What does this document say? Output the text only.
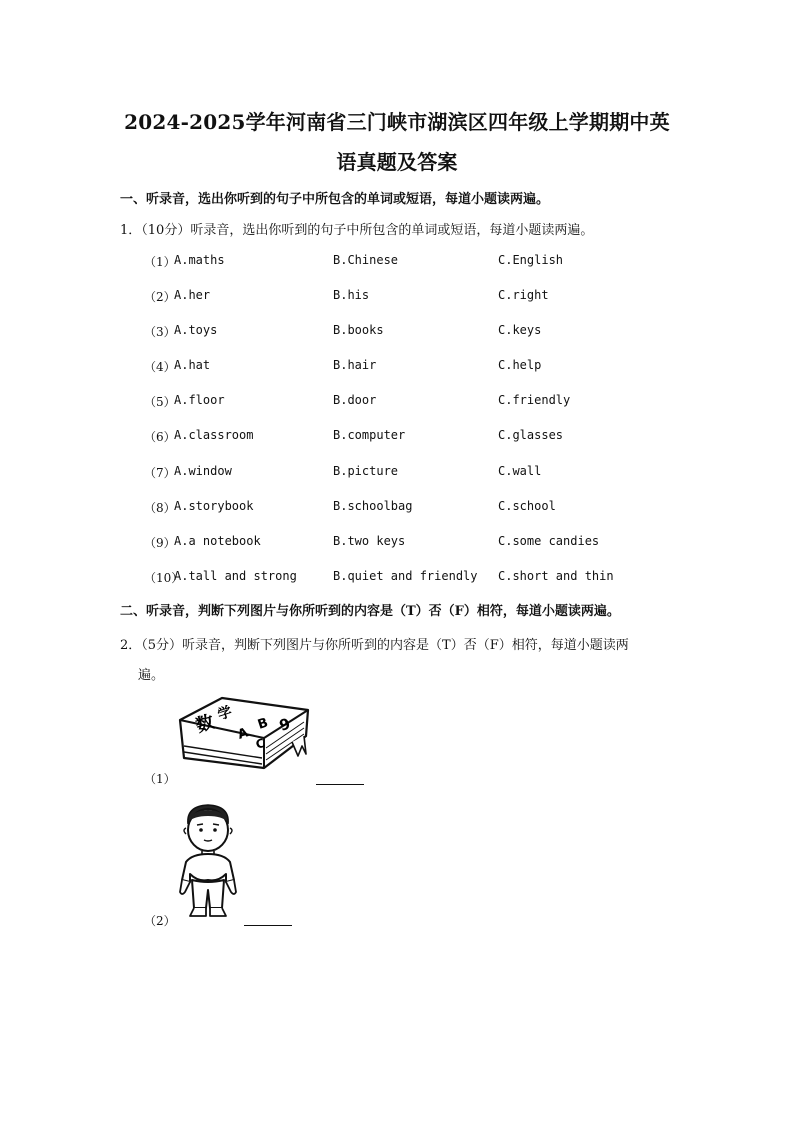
2024-2025学年河南省三门峡市湖滨区四年级上学期期中英
语真题及答案
一、听录音，选出你听到的句子中所包含的单词或短语，每道小题读两遍。
1．（10分）听录音，选出你听到的句子中所包含的单词或短语，每道小题读两遍。
（1）
A.maths	B.Chinese	C.English
（2）
A.her	B.his	C.right
（3）
A.toys	B.books	C.keys
（4）
A.hat	B.hair	C.help
（5）
A.floor	B.door	C.friendly
（6）
A.classroom	B.computer	C.glasses
（7）
A.window	B.picture	C.wall
（8）
A.storybook	B.schoolbag	C.school
（9）
A.a notebook	B.two keys	C.some candies
（10）
A.tall and strong	B.quiet and friendly C.short and thin
二、听录音，判断下列图片与你所听到的内容是（T）否（F）相符，每道小题读两遍。
2．（5分）听录音，判断下列图片与你所听到的内容是（T）否（F）相符，每道小题读两
遍。
数
学
A
B
C
9
（1）
（2）
